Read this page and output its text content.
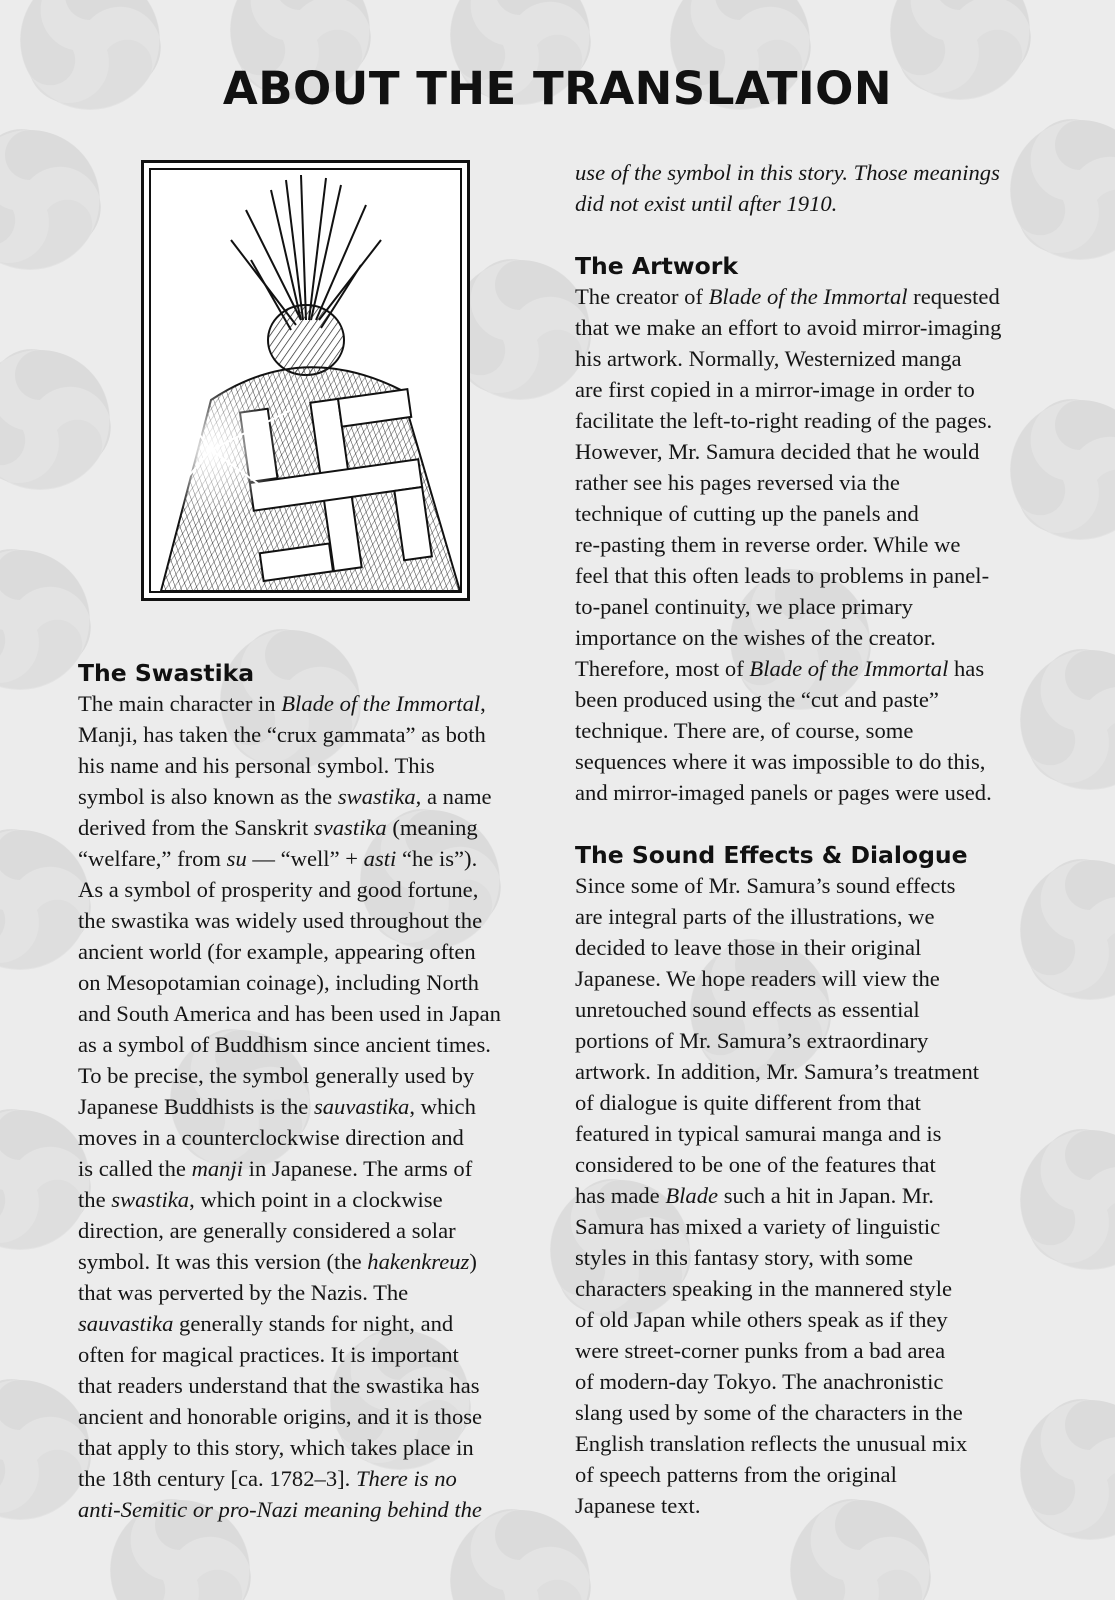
ABOUT THE TRANSLATION
The Swastika

The main character in Blade of the Immortal,
Manji, has taken the “crux gammata” as both
his name and his personal symbol. This
symbol is also known as the swastika, a name
derived from the Sanskrit svastika (meaning
“welfare,” from su — “well” + asti “he is”).
As a symbol of prosperity and good fortune,
the swastika was widely used throughout the
ancient world (for example, appearing often
on Mesopotamian coinage), including North
and South America and has been used in Japan
as a symbol of Buddhism since ancient times.
To be precise, the symbol generally used by
Japanese Buddhists is the sauvastika, which
moves in a counterclockwise direction and
is called the manji in Japanese. The arms of
the swastika, which point in a clockwise
direction, are generally considered a solar
symbol. It was this version (the hakenkreuz)
that was perverted by the Nazis. The
sauvastika generally stands for night, and
often for magical practices. It is important
that readers understand that the swastika has
ancient and honorable origins, and it is those
that apply to this story, which takes place in
the 18th century [ca. 1782–3]. There is no
anti-Semitic or pro-Nazi meaning behind the

use of the symbol in this story. Those meanings
did not exist until after 1910.

The Artwork

The creator of Blade of the Immortal requested
that we make an effort to avoid mirror-imaging
his artwork. Normally, Westernized manga
are first copied in a mirror-image in order to
facilitate the left-to-right reading of the pages.
However, Mr. Samura decided that he would
rather see his pages reversed via the
technique of cutting up the panels and
re-pasting them in reverse order. While we
feel that this often leads to problems in panel-
to-panel continuity, we place primary
importance on the wishes of the creator.
Therefore, most of Blade of the Immortal has
been produced using the “cut and paste”
technique. There are, of course, some
sequences where it was impossible to do this,
and mirror-imaged panels or pages were used.

The Sound Effects & Dialogue

Since some of Mr. Samura’s sound effects
are integral parts of the illustrations, we
decided to leave those in their original
Japanese. We hope readers will view the
unretouched sound effects as essential
portions of Mr. Samura’s extraordinary
artwork. In addition, Mr. Samura’s treatment
of dialogue is quite different from that
featured in typical samurai manga and is
considered to be one of the features that
has made Blade such a hit in Japan. Mr.
Samura has mixed a variety of linguistic
styles in this fantasy story, with some
characters speaking in the mannered style
of old Japan while others speak as if they
were street-corner punks from a bad area
of modern-day Tokyo. The anachronistic
slang used by some of the characters in the
English translation reflects the unusual mix
of speech patterns from the original
Japanese text.
